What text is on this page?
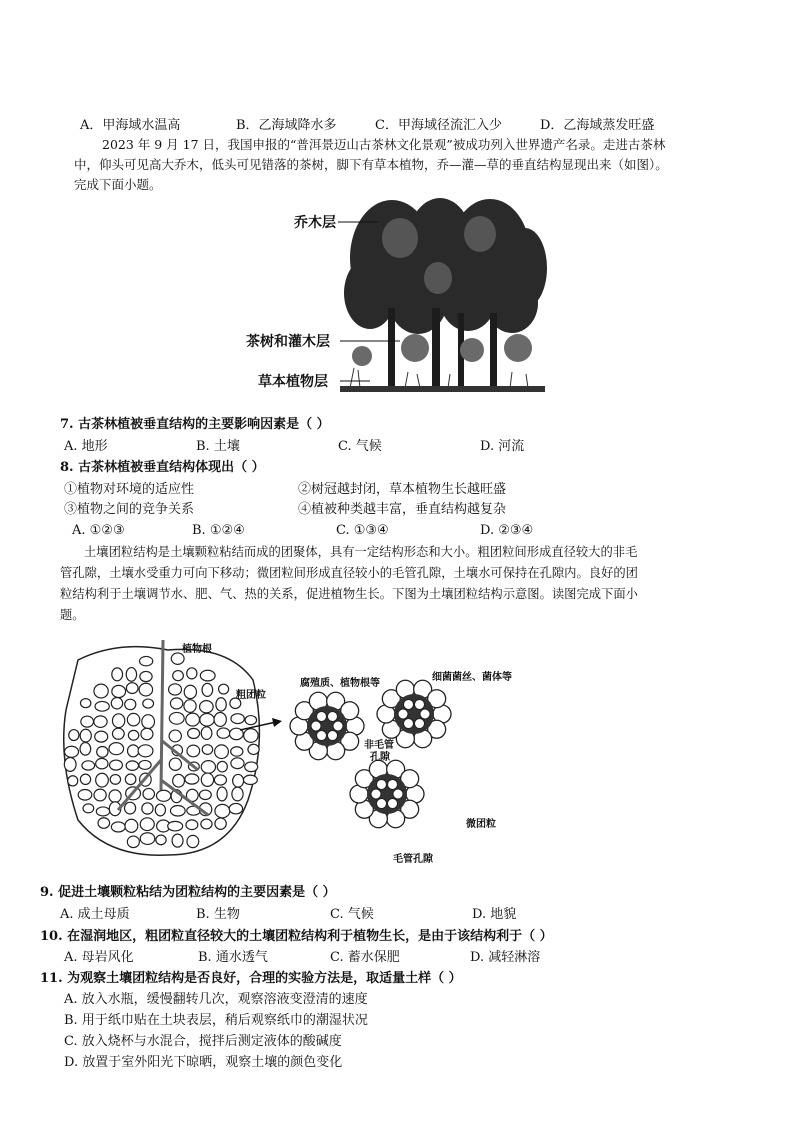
A．甲海域水温高	B．乙海域降水多	C．甲海域径流汇入少	D．乙海域蒸发旺盛
2023 年 9 月 17 日，我国申报的“普洱景迈山古茶林文化景观”被成功列入世界遗产名录。走进古茶林
中，仰头可见高大乔木，低头可见错落的茶树，脚下有草本植物，乔—灌—草的垂直结构显现出来（如图）。
完成下面小题。
乔木层
茶树和灌木层
草本植物层
7. 古茶林植被垂直结构的主要影响因素是（ ）
A. 地形	B. 土壤	C. 气候	D. 河流
8. 古茶林植被垂直结构体现出（ ）
①植物对环境的适应性	②树冠越封闭，草本植物生长越旺盛
③植物之间的竞争关系	④植被种类越丰富，垂直结构越复杂
A. ①②③	B. ①②④	C. ①③④	D. ②③④
土壤团粒结构是土壤颗粒粘结而成的团聚体，具有一定结构形态和大小。粗团粒间形成直径较大的非毛
管孔隙，土壤水受重力可向下移动；微团粒间形成直径较小的毛管孔隙，土壤水可保持在孔隙内。良好的团
粒结构利于土壤调节水、肥、气、热的关系，促进植物生长。下图为土壤团粒结构示意图。读图完成下面小
题。
植物根
粗团粒
腐殖质、植物根等
细菌菌丝、菌体等
非毛管
孔隙
微团粒
毛管孔隙
9. 促进土壤颗粒粘结为团粒结构的主要因素是（ ）
A. 成土母质	B. 生物	C. 气候	D. 地貌
10. 在湿润地区，粗团粒直径较大的土壤团粒结构利于植物生长，是由于该结构利于（ ）
A. 母岩风化	B. 通水透气	C. 蓄水保肥	D. 减轻淋溶
11. 为观察土壤团粒结构是否良好，合理的实验方法是，取适量土样（ ）
A. 放入水瓶，缓慢翻转几次，观察溶液变澄清的速度
B. 用于纸巾贴在土块表层，稍后观察纸巾的潮湿状况
C. 放入烧杯与水混合，搅拌后测定液体的酸碱度
D. 放置于室外阳光下晾晒，观察土壤的颜色变化
